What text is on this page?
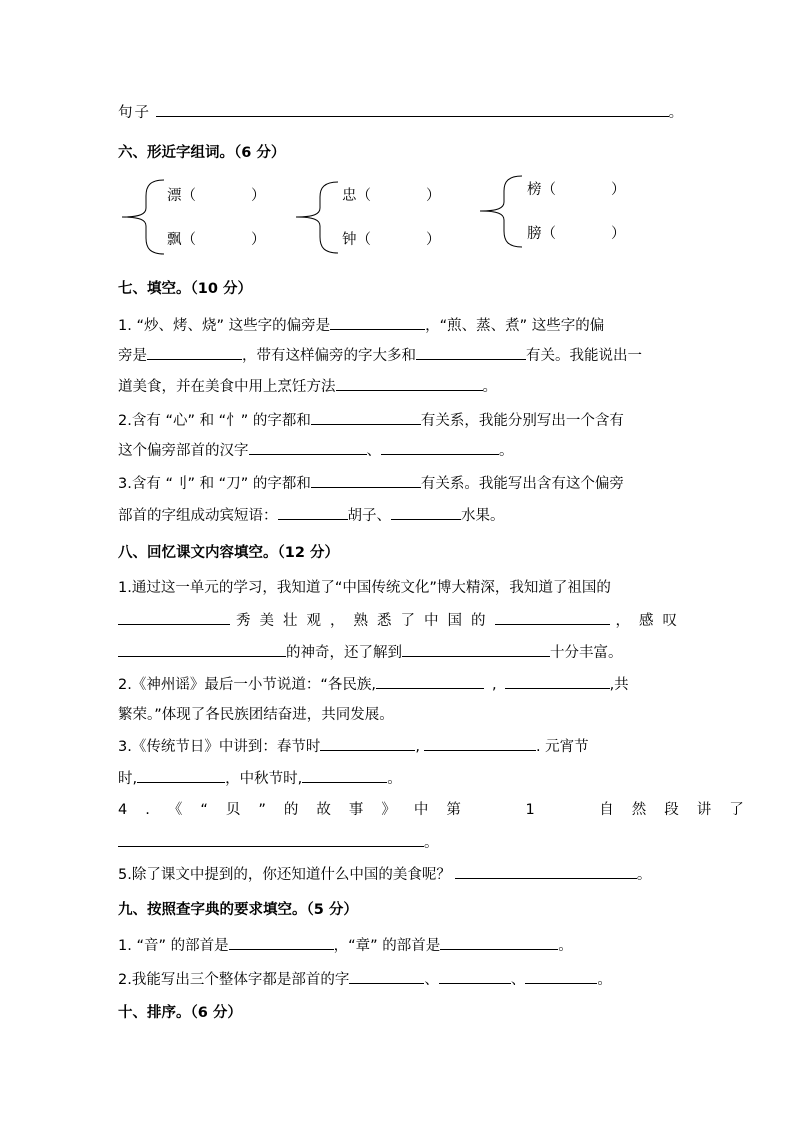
句子	。
六、形近字组词。（6 分）
漂（	）
飘（	）
忠（	）
钟（	）
榜（	）
膀（	）
七、填空。（10 分）
1. “炒、烤、烧” 这些字的偏旁是	，“煎、蒸、煮” 这些字的偏
旁是	，带有这样偏旁的字大多和	有关。我能说出一
道美食，并在美食中用上烹饪方法	。
2.含有 “心” 和 “忄” 的字都和	有关系，我能分别写出一个含有
这个偏旁部首的汉字	、	。
3.含有 “刂” 和 “刀” 的字都和	有关系。我能写出含有这个偏旁
部首的字组成动宾短语：	胡子、	水果。
八、回忆课文内容填空。（12 分）
1.通过这一单元的学习，我知道了“中国传统文化”博大精深，我知道了祖国的
秀美壮观，熟悉了中国的	，感叹
的神奇，还了解到	十分丰富。
2.《神州谣》最后一小节说道：“各民族,	,	,共
繁荣。”体现了各民族团结奋进，共同发展。
3.《传统节日》中讲到：春节时	,	. 元宵节
时,	，中秋节时,	。
4.《“贝”的故事》中第 1 自然段讲了
。
5.除了课文中提到的，你还知道什么中国的美食呢？	。
九、按照查字典的要求填空。（5 分）
1. “音” 的部首是	，“章” 的部首是	。
2.我能写出三个整体字都是部首的字	、	、	。
十、排序。（6 分）
